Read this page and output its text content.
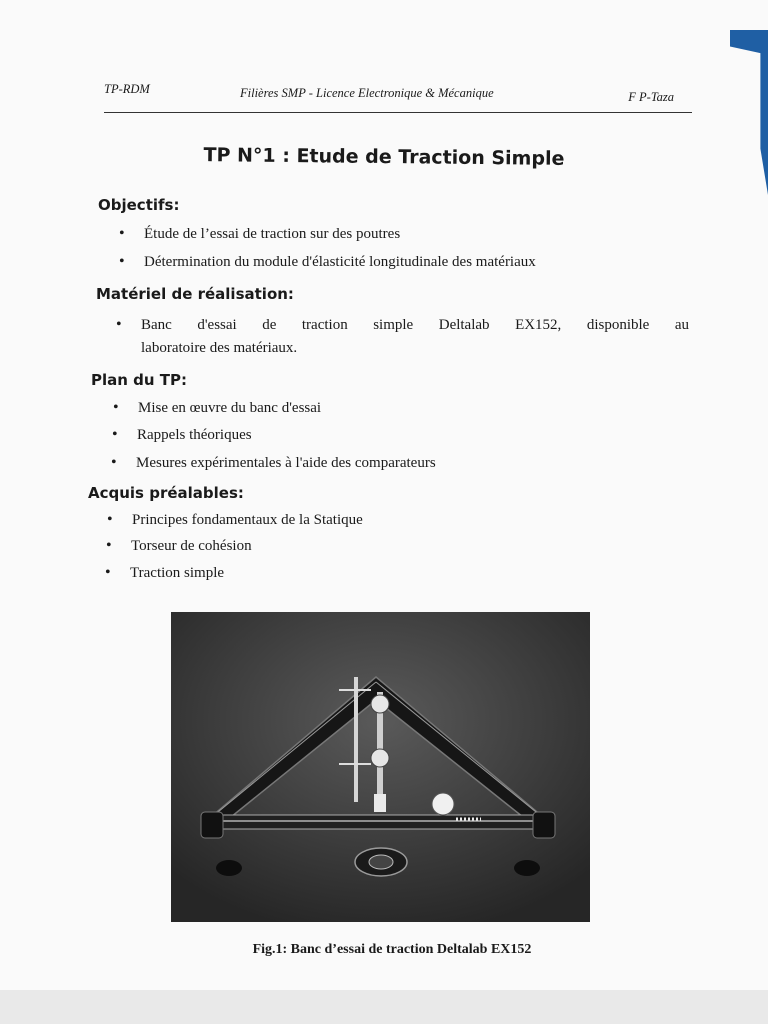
TP-RDM	Filières SMP - Licence Electronique & Mécanique	F P-Taza
TP N°1 : Etude de Traction Simple
Objectifs:
• Étude de l’essai de traction sur des poutres
• Détermination du module d'élasticité longitudinale des matériaux
Matériel de réalisation:
• Banc d'essai de traction simple Deltalab EX152, disponible au
laboratoire des matériaux.
Plan du TP:
• Mise en œuvre du banc d'essai
• Rappels théoriques
• Mesures expérimentales à l'aide des comparateurs
Acquis préalables:
• Principes fondamentaux de la Statique
• Torseur de cohésion
• Traction simple
Fig.1: Banc d’essai de traction Deltalab EX152
